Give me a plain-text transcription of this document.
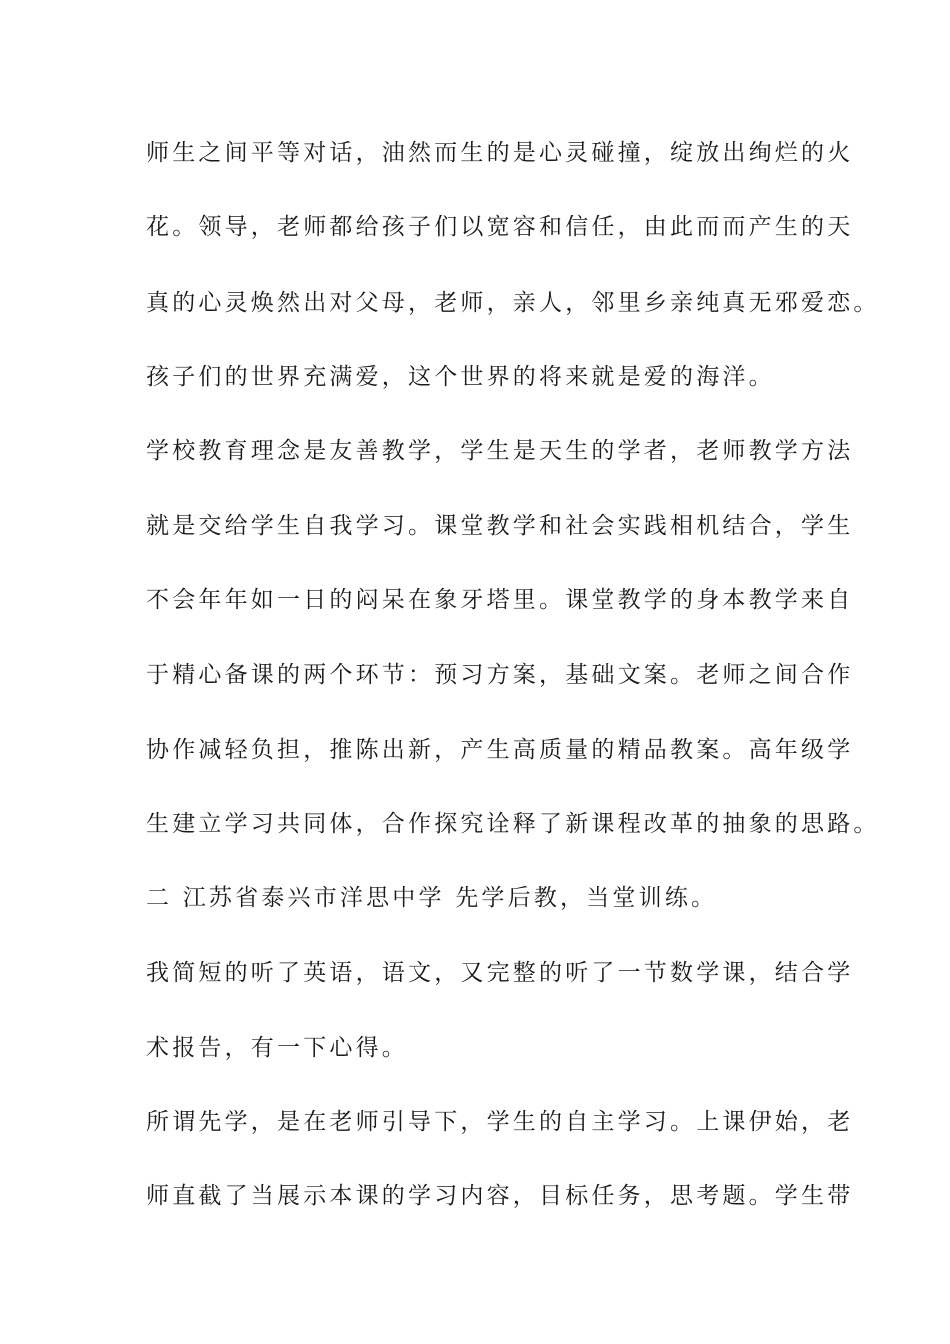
师生之间平等对话，油然而生的是心灵碰撞，绽放出绚烂的火
花。领导，老师都给孩子们以宽容和信任，由此而而产生的天
真的心灵焕然出对父母，老师，亲人，邻里乡亲纯真无邪爱恋。
孩子们的世界充满爱，这个世界的将来就是爱的海洋。
学校教育理念是友善教学，学生是天生的学者，老师教学方法
就是交给学生自我学习。课堂教学和社会实践相机结合，学生
不会年年如一日的闷呆在象牙塔里。课堂教学的身本教学来自
于精心备课的两个环节：预习方案，基础文案。老师之间合作
协作减轻负担，推陈出新，产生高质量的精品教案。高年级学
生建立学习共同体，合作探究诠释了新课程改革的抽象的思路。
二 江苏省泰兴市洋思中学 先学后教，当堂训练。
我简短的听了英语，语文，又完整的听了一节数学课，结合学
术报告，有一下心得。
所谓先学，是在老师引导下，学生的自主学习。上课伊始，老
师直截了当展示本课的学习内容，目标任务，思考题。学生带
